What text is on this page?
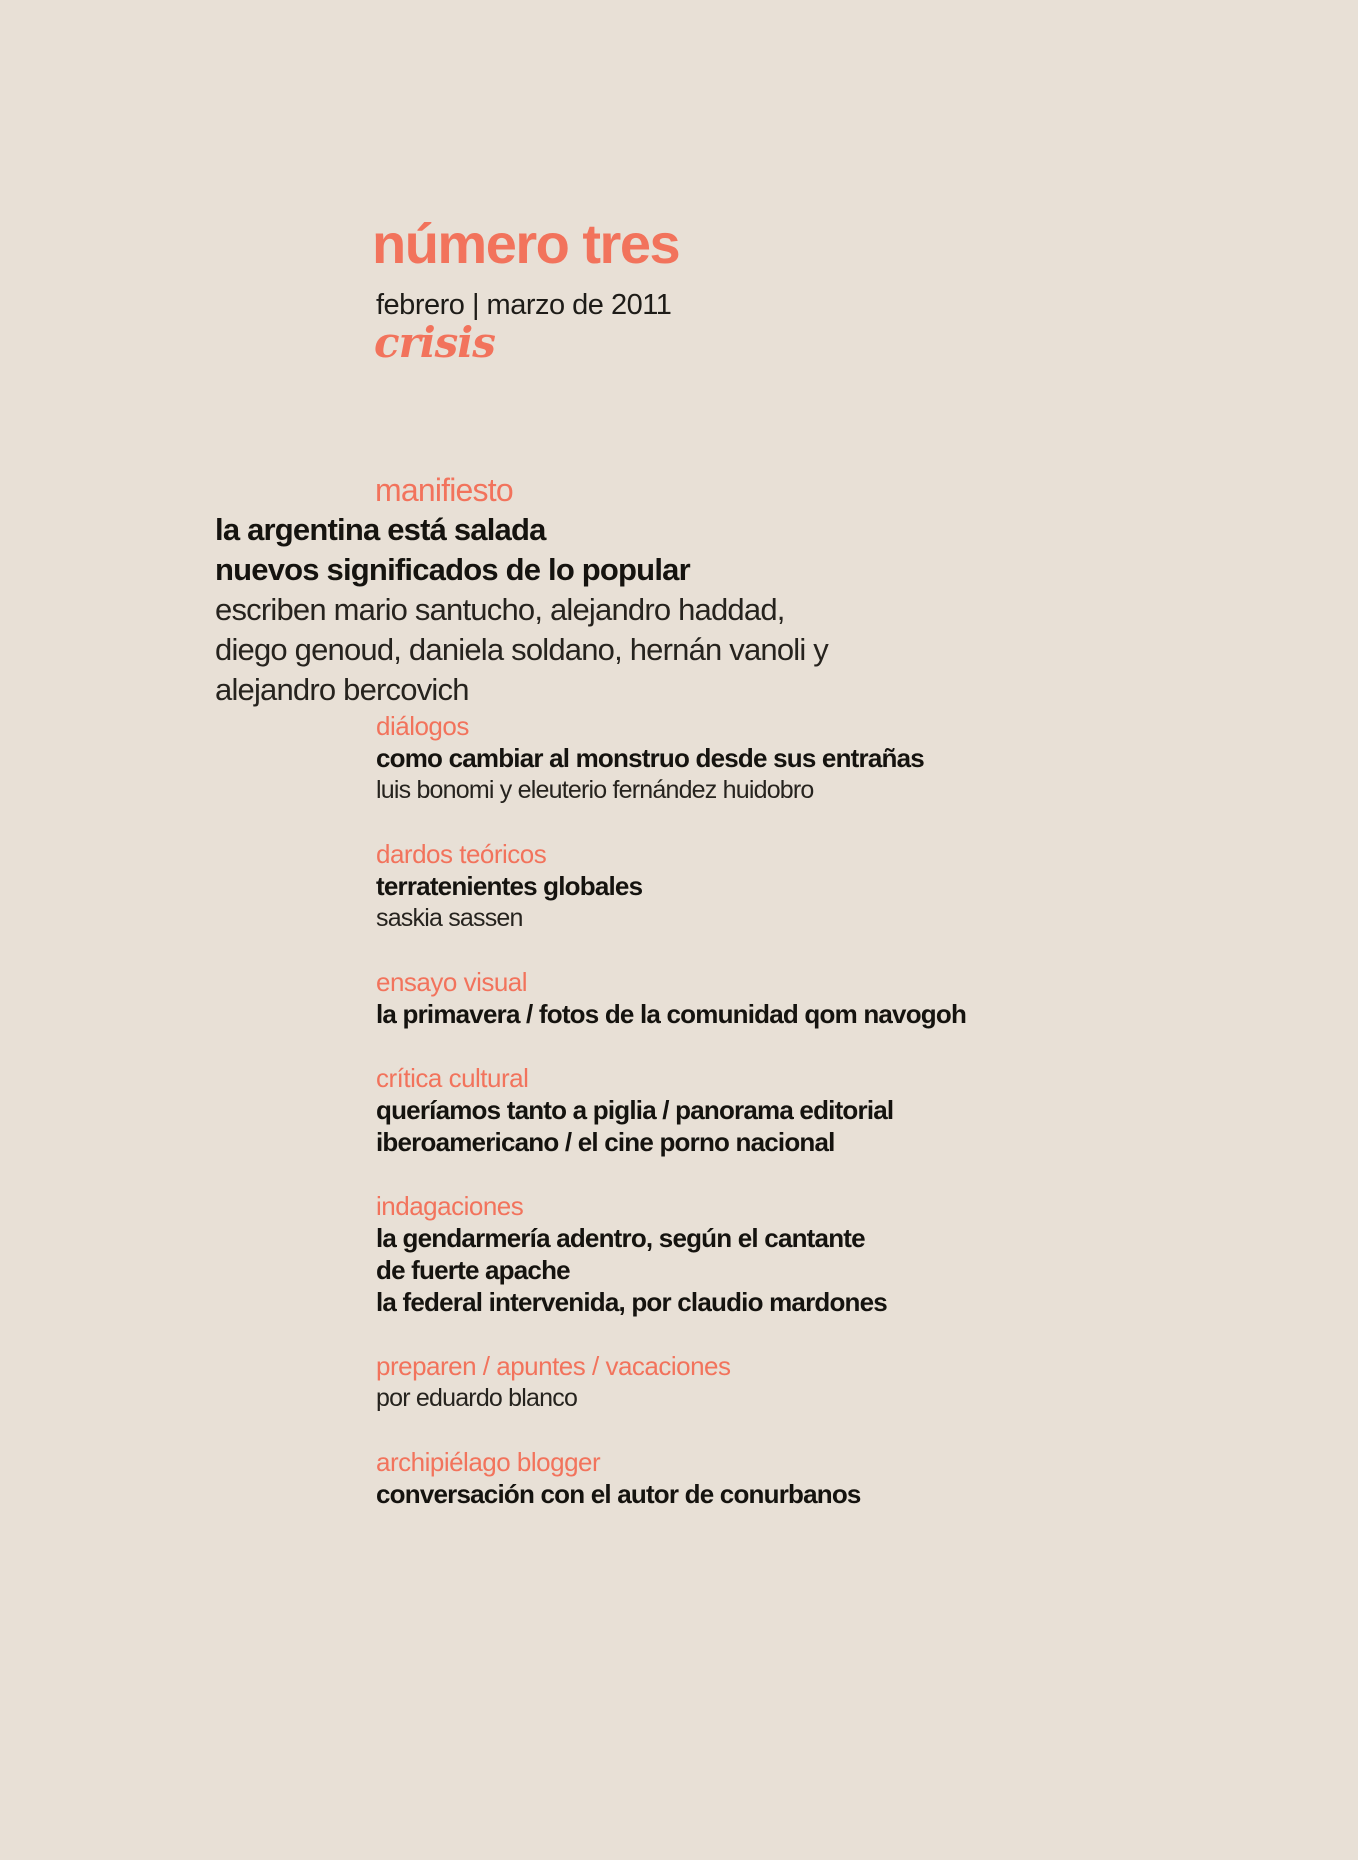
número tres
febrero | marzo de 2011
crisis
manifiesto
la argentina está salada
nuevos significados de lo popular
escriben mario santucho, alejandro haddad,
diego genoud, daniela soldano, hernán vanoli y
alejandro bercovich
diálogos
como cambiar al monstruo desde sus entrañas
luis bonomi y eleuterio fernández huidobro
dardos teóricos
terratenientes globales
saskia sassen
ensayo visual
la primavera / fotos de la comunidad qom navogoh
crítica cultural
queríamos tanto a piglia / panorama editorial
iberoamericano / el cine porno nacional
indagaciones
la gendarmería adentro, según el cantante
de fuerte apache
la federal intervenida, por claudio mardones
preparen / apuntes / vacaciones
por eduardo blanco
archipiélago blogger
conversación con el autor de conurbanos
